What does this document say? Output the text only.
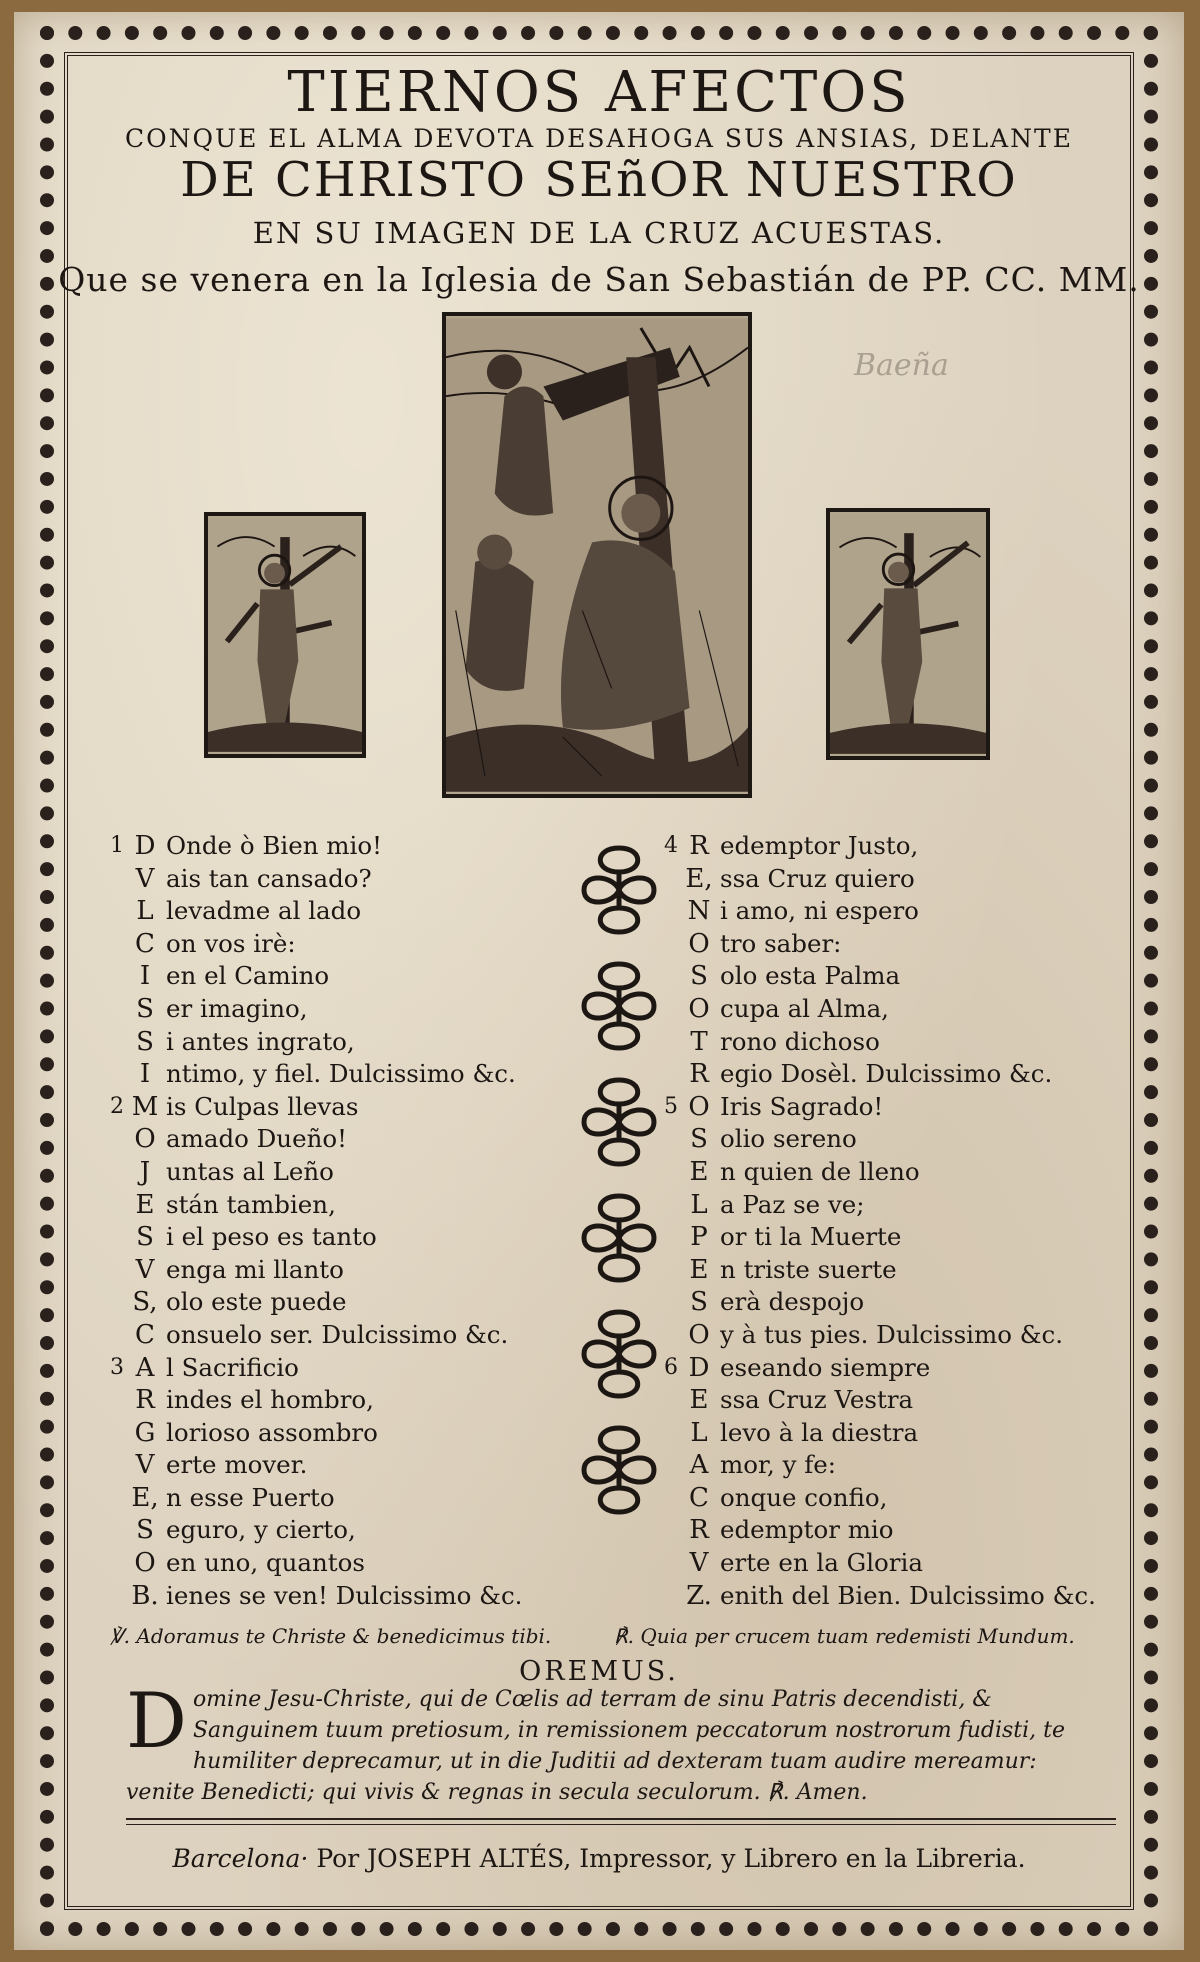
TIERNOS AFECTOS
CONQUE EL ALMA DEVOTA DESAHOGA SUS ANSIAS, DELANTE
DE CHRISTO SEñOR NUESTRO
EN SU IMAGEN DE LA CRUZ ACUESTAS.
Que se venera en la Iglesia de San Sebastián de PP. CC. MM.
Baeña
1 D Onde ò Bien mio!
V ais tan cansado?
L levadme al lado
C on vos irè:
I en el Camino
S er imagino,
S i antes ingrato,
I ntimo, y fiel. Dulcissimo &c.
2 M is Culpas llevas
O amado Dueño!
J untas al Leño
E stán tambien,
S i el peso es tanto
V enga mi llanto
S, olo este puede
C onsuelo ser. Dulcissimo &c.
3 A l Sacrificio
R indes el hombro,
G lorioso assombro
V erte mover.
E, n esse Puerto
S eguro, y cierto,
O en uno, quantos
B. ienes se ven! Dulcissimo &c.
4 R edemptor Justo,
E, ssa Cruz quiero
N i amo, ni espero
O tro saber:
S olo esta Palma
O cupa al Alma,
T rono dichoso
R egio Dosèl. Dulcissimo &c.
5 O Iris Sagrado!
S olio sereno
E n quien de lleno
L a Paz se ve;
P or ti la Muerte
E n triste suerte
S erà despojo
O y à tus pies. Dulcissimo &c.
6 D eseando siempre
E ssa Cruz Vestra
L levo à la diestra
A mor, y fe:
C onque confio,
R edemptor mio
V erte en la Gloria
Z. enith del Bien. Dulcissimo &c.
℣. Adoramus te Christe & benedicimus tibi.	℟. Quia per crucem tuam redemisti Mundum.
OREMUS.
Domine Jesu-Christe, qui de Cœlis ad terram de sinu Patris decendisti, & Sanguinem tuum pretiosum, in remissionem peccatorum nostrorum fudisti, te humiliter deprecamur, ut in die Juditii ad dexteram tuam audire mereamur: venite Benedicti; qui vivis & regnas in secula seculorum. ℟. Amen.
Barcelona· Por JOSEPH ALTÉS, Impressor, y Librero en la Libreria.
